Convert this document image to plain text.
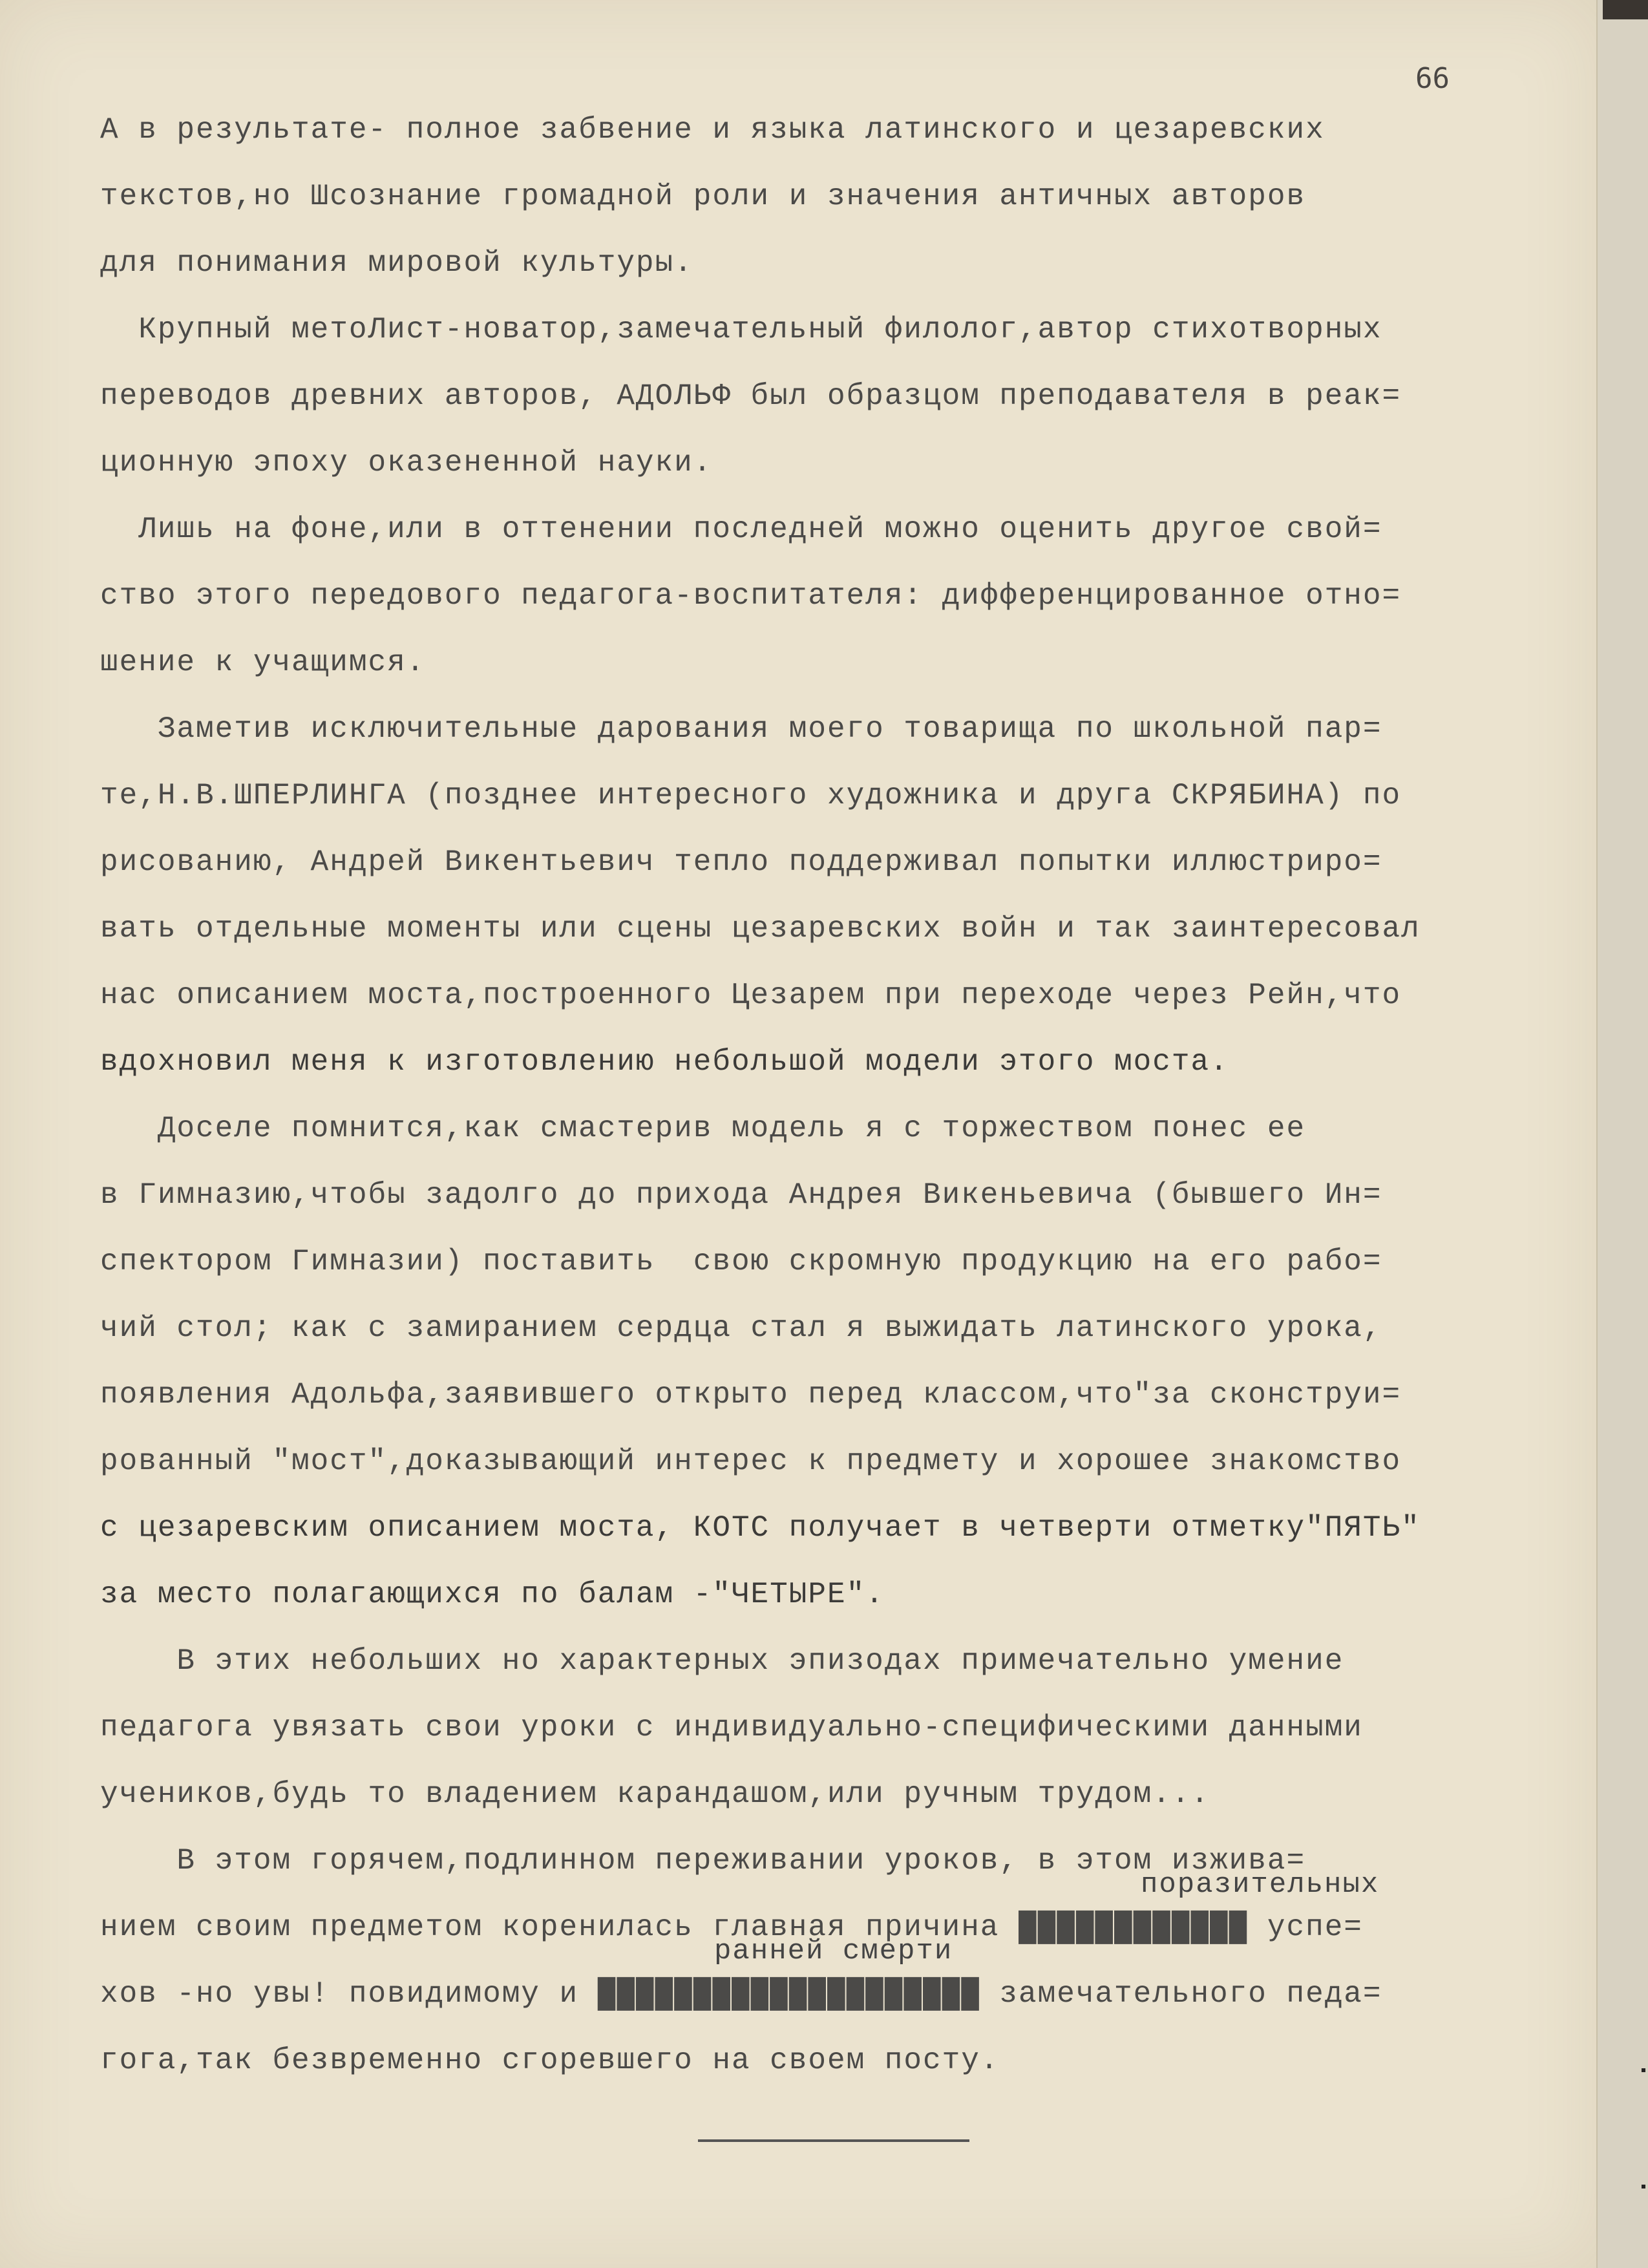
66
А в результате- полное забвение и языка латинского и цезаревских
текстов,но Шсознание громадной роли и значения античных авторов
для понимания мировой культуры.
Крупный метоЛист-новатор,замечательный филолог,автор стихотворных
переводов древних авторов, АДОЛЬФ был образцом преподавателя в реак=
ционную эпоху оказененной науки.
Лишь на фоне,или в оттенении последней можно оценить другое свой=
ство этого передового педагога-воспитателя: дифференцированное отно=
шение к учащимся.
Заметив исключительные дарования моего товарища по школьной пар=
те,Н.В.ШПЕРЛИНГА (позднее интересного художника и друга СКРЯБИНА) по
рисованию, Андрей Викентьевич тепло поддерживал попытки иллюстриро=
вать отдельные моменты или сцены цезаревских войн и так заинтересовал
нас описанием моста,построенного Цезарем при переходе через Рейн,что
вдохновил меня к изготовлению небольшой модели этого моста.
Доселе помнится,как смастерив модель я с торжеством понес ее
в Гимназию,чтобы задолго до прихода Андрея Викеньевича (бывшего Ин=
спектором Гимназии) поставить  свою скромную продукцию на его рабо=
чий стол; как с замиранием сердца стал я выжидать латинского урока,
появления Адольфа,заявившего открыто перед классом,что"за сконструи=
рованный "мост",доказывающий интерес к предмету и хорошее знакомство
с цезаревским описанием моста, КОТС получает в четверти отметку"ПЯТЬ"
за место полагающихся по балам -"ЧЕТЫРЕ".
В этих небольших но характерных эпизодах примечательно умение
педагога увязать свои уроки с индивидуально-специфическими данными
учеников,будь то владением карандашом,или ручным трудом...
В этом горячем,подлинном переживании уроков, в этом изжива=
нием своим предметом коренилась главная причина ████████████ успе=
хов -но увы! повидимому и ████████████████████ замечательного педа=
гога,так безвременно сгоревшего на своем посту.
поразительных
ранней смерти
